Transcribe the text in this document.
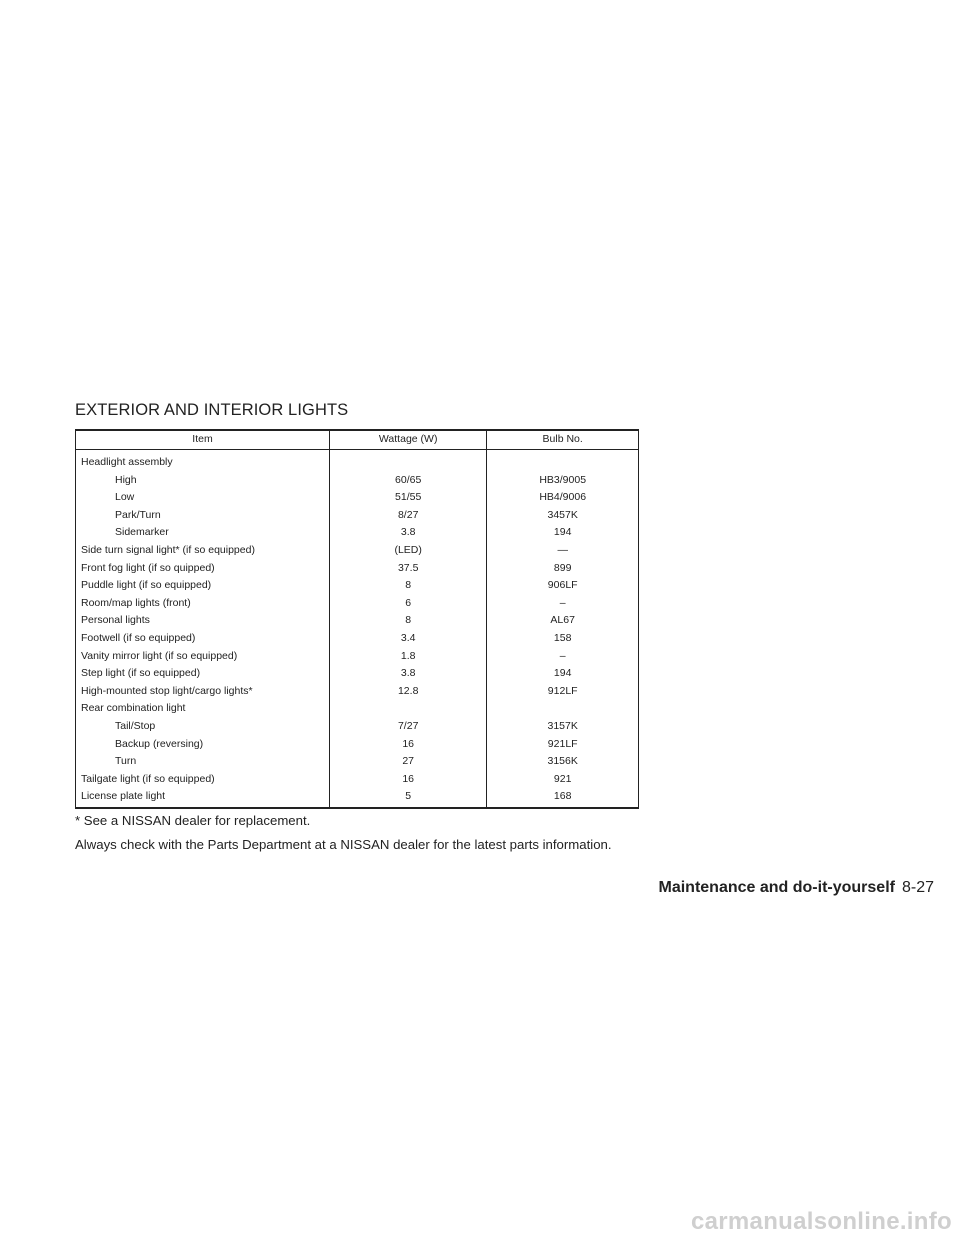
EXTERIOR AND INTERIOR LIGHTS
Item	Wattage (W)	Bulb No.
Headlight assembly		
High	60/65	HB3/9005
Low	51/55	HB4/9006
Park/Turn	8/27	3457K
Sidemarker	3.8	194
Side turn signal light* (if so equipped)	(LED)	—
Front fog light (if so quipped)	37.5	899
Puddle light (if so equipped)	8	906LF
Room/map lights (front)	6	–
Personal lights	8	AL67
Footwell (if so equipped)	3.4	158
Vanity mirror light (if so equipped)	1.8	–
Step light (if so equipped)	3.8	194
High-mounted stop light/cargo lights*	12.8	912LF
Rear combination light		
Tail/Stop	7/27	3157K
Backup (reversing)	16	921LF
Turn	27	3156K
Tailgate light (if so equipped)	16	921
License plate light	5	168

* See a NISSAN dealer for replacement.

Always check with the Parts Department at a NISSAN dealer for the latest parts information.

Maintenance and do-it-yourself 8-27
carmanualsonline.info
